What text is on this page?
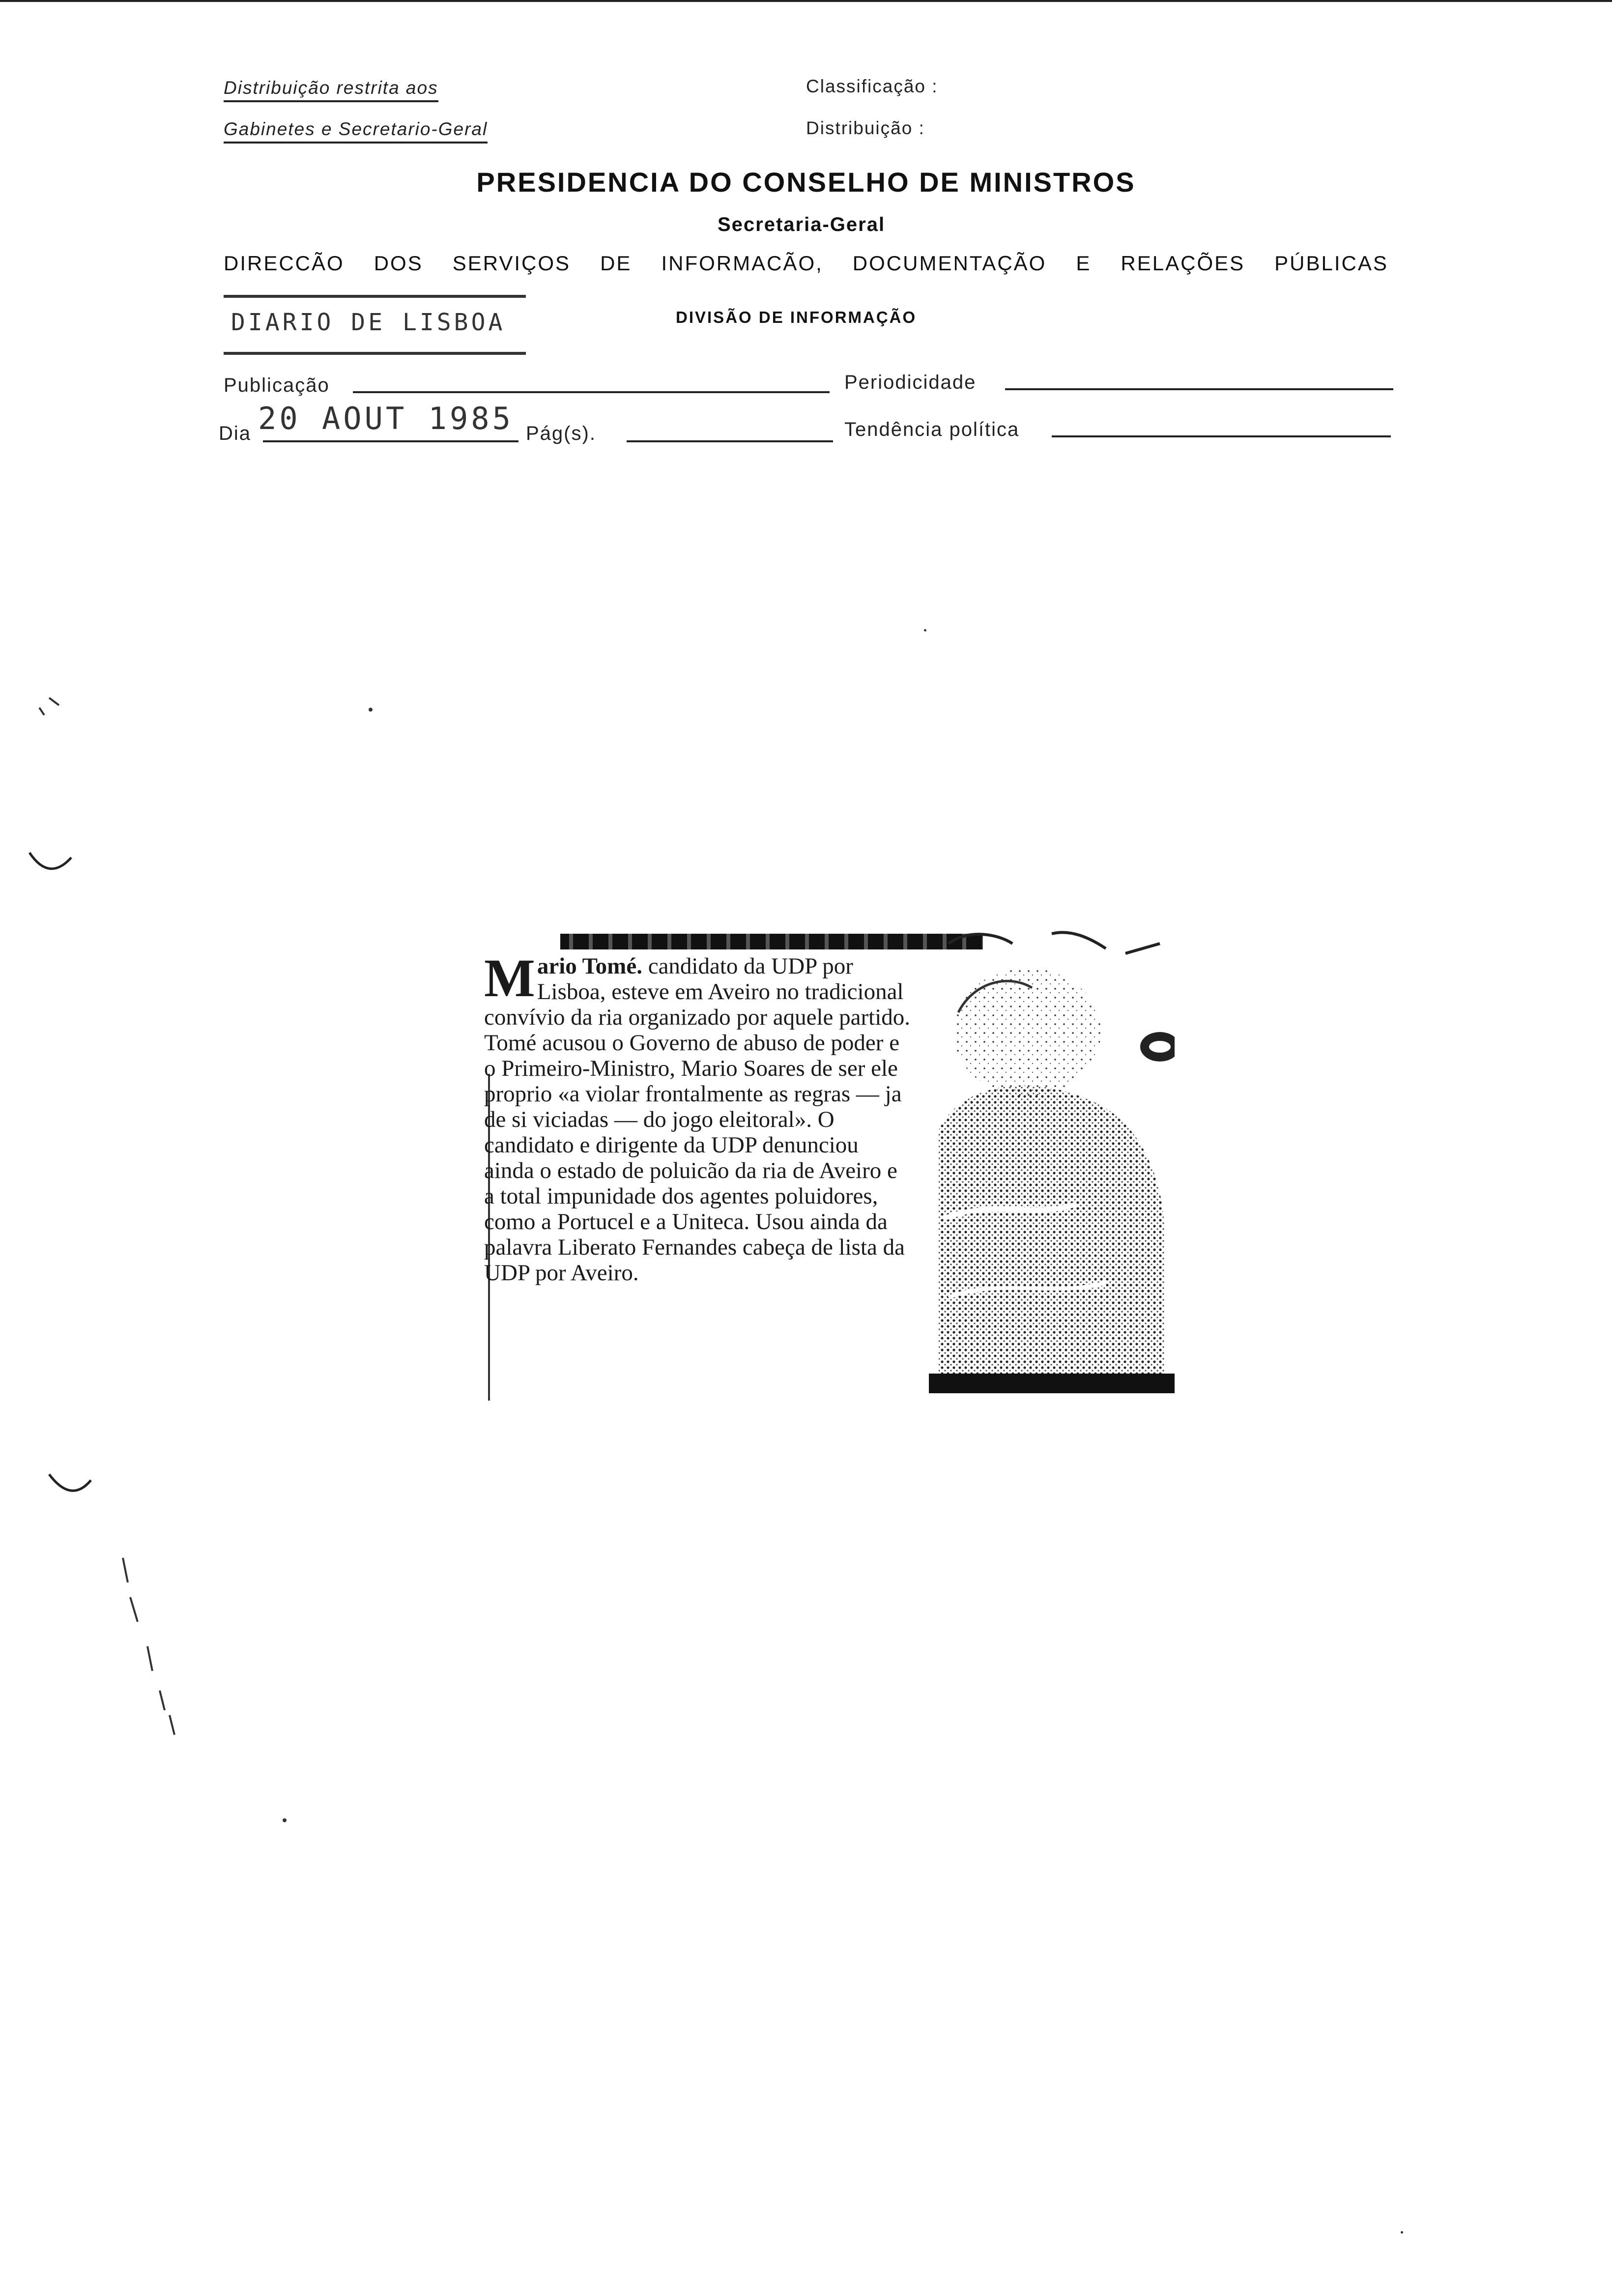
Distribuição restrita aos
Gabinetes e Secretario-Geral
Classificação :
Distribuição :
PRESIDENCIA DO CONSELHO DE MINISTROS
Secretaria-Geral
DIRECCÃO DOS SERVIÇOS DE INFORMACÃO, DOCUMENTAÇÃO E RELAÇÕES PÚBLICAS
DIARIO DE LISBOA	DIVISÃO DE INFORMAÇÃO
Publicação	Periodicidade
Dia 20 AOUT 1985 Pág(s).	Tendência política
Mario Tomé. candidato da UDP por Lisboa, esteve em Aveiro no tradicional convívio da ria organizado por aquele partido. Tomé acusou o Governo de abuso de poder e o Primeiro-Ministro, Mario Soares de ser ele proprio «a violar frontalmente as regras — ja de si viciadas — do jogo eleitoral». O candidato e dirigente da UDP denunciou ainda o estado de poluicão da ria de Aveiro e a total impunidade dos agentes poluidores, como a Portucel e a Uniteca. Usou ainda da palavra Liberato Fernandes cabeça de lista da UDP por Aveiro.
